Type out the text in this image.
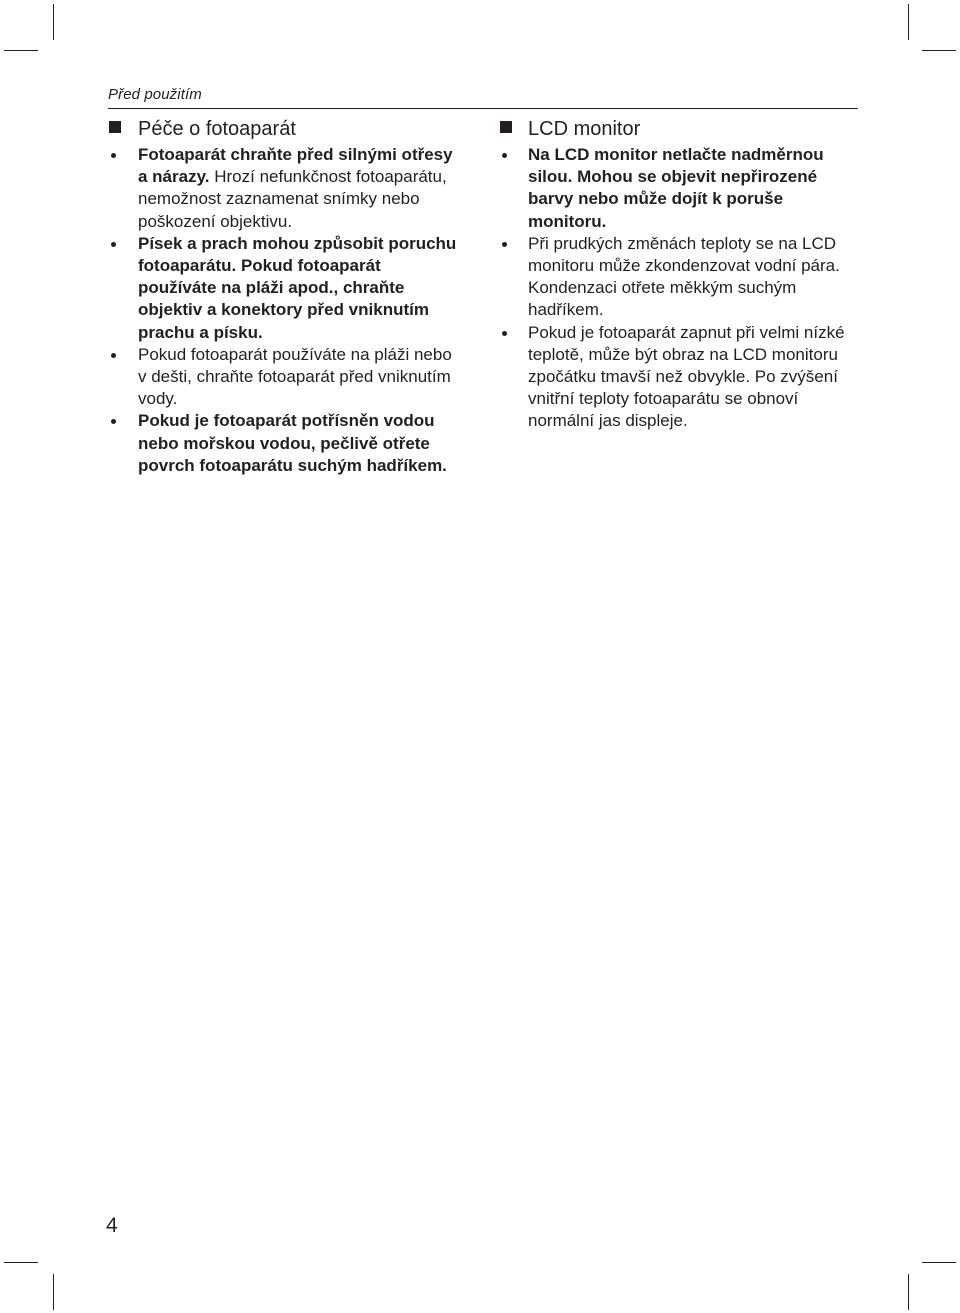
Před použitím
Péče o fotoaparát
Fotoaparát chraňte před silnými otřesy a nárazy. Hrozí nefunkčnost fotoaparátu, nemožnost zaznamenat snímky nebo poškození objektivu.
Písek a prach mohou způsobit poruchu fotoaparátu. Pokud fotoaparát používáte na pláži apod., chraňte objektiv a konektory před vniknutím prachu a písku.
Pokud fotoaparát používáte na pláži nebo v dešti, chraňte fotoaparát před vniknutím vody.
Pokud je fotoaparát potřísněn vodou nebo mořskou vodou, pečlivě otřete povrch fotoaparátu suchým hadříkem.
LCD monitor
Na LCD monitor netlačte nadměrnou silou. Mohou se objevit nepřirozené barvy nebo může dojít k poruše monitoru.
Při prudkých změnách teploty se na LCD monitoru může zkondenzovat vodní pára. Kondenzaci otřete měkkým suchým hadříkem.
Pokud je fotoaparát zapnut při velmi nízké teplotě, může být obraz na LCD monitoru zpočátku tmavší než obvykle. Po zvýšení vnitřní teploty fotoaparátu se obnoví normální jas displeje.
4
